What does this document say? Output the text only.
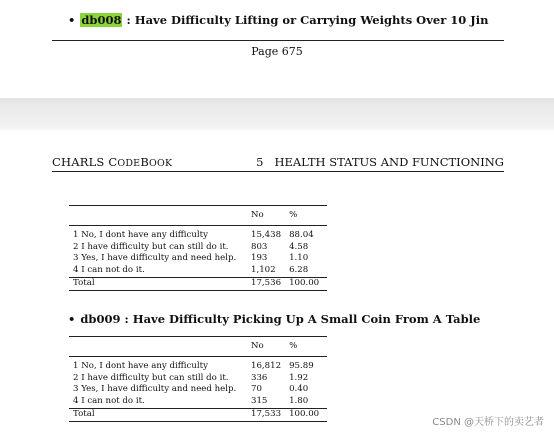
• db008 : Have Difficulty Lifting or Carrying Weights Over 10 Jin
Page 675
CHARLS CODEBOOK	5   HEALTH STATUS AND FUNCTIONING
	No	%
1 No, I dont have any difficulty	15,438	88.04
2 I have difficulty but can still do it.	803	4.58
3 Yes, I have difficulty and need help.	193	1.10
4 I can not do it.	1,102	6.28
Total	17,536	100.00
• db009 : Have Difficulty Picking Up A Small Coin From A Table
	No	%
1 No, I dont have any difficulty	16,812	95.89
2 I have difficulty but can still do it.	336	1.92
3 Yes, I have difficulty and need help.	70	0.40
4 I can not do it.	315	1.80
Total	17,533	100.00
CSDN @天桥下的卖艺者
